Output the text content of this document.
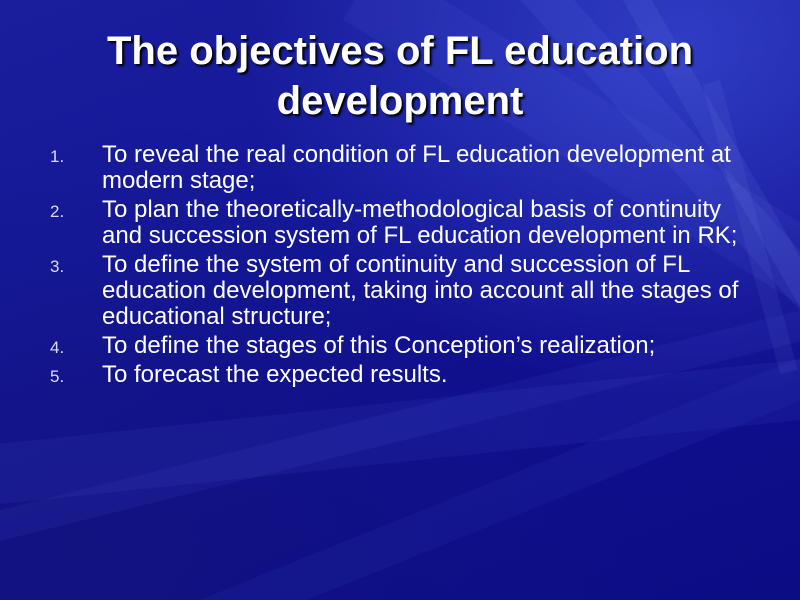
The objectives of FL education development
1. To reveal the real condition of FL education development at modern stage;
2. To plan the theoretically-methodological basis of continuity and succession system of FL education development in RK;
3. To define the system of continuity and succession of FL education development, taking into account all the stages of educational structure;
4. To define the stages of this Conception’s realization;
5. To forecast the expected results.
